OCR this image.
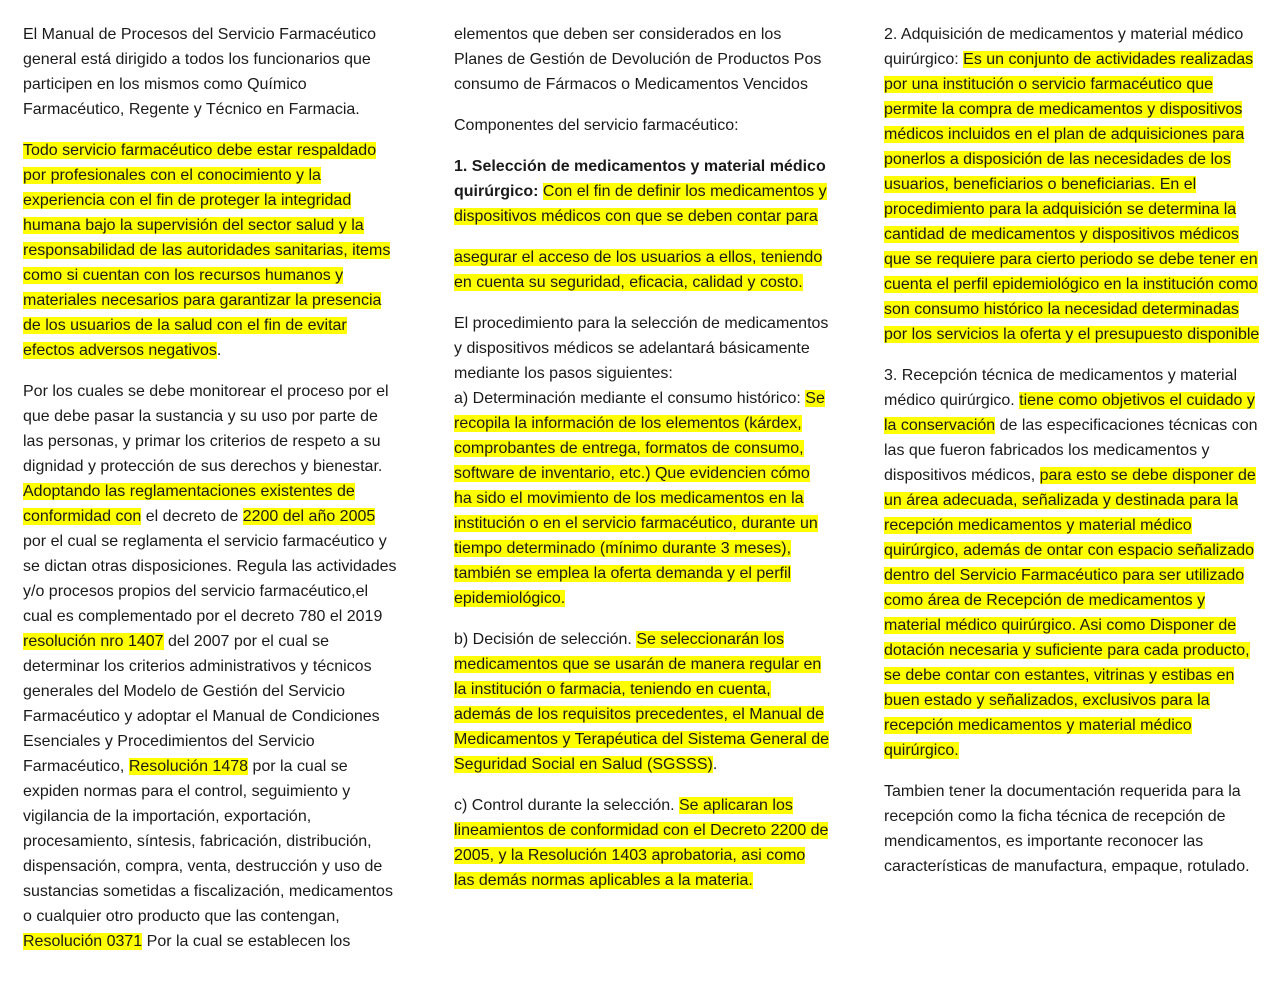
El Manual de Procesos del Servicio Farmacéutico general está dirigido a todos los funcionarios que participen en los mismos como Químico Farmacéutico, Regente y Técnico en Farmacia.

Todo servicio farmacéutico debe estar respaldado por profesionales con el conocimiento y la experiencia con el fin de proteger la integridad humana bajo la supervisión del sector salud y la responsabilidad de las autoridades sanitarias, items como si cuentan con los recursos humanos y materiales necesarios para garantizar la presencia de los usuarios de la salud con el fin de evitar efectos adversos negativos.

Por los cuales se debe monitorear el proceso por el que debe pasar la sustancia y su uso por parte de las personas, y primar los criterios de respeto a su dignidad y protección de sus derechos y bienestar. Adoptando las reglamentaciones existentes de conformidad con el decreto de 2200 del año 2005 por el cual se reglamenta el servicio farmacéutico y se dictan otras disposiciones. Regula las actividades y/o procesos propios del servicio farmacéutico,el cual es complementado por el decreto 780 el 2019 resolución nro 1407 del 2007 por el cual se determinar los criterios administrativos y técnicos generales del Modelo de Gestión del Servicio Farmacéutico y adoptar el Manual de Condiciones Esenciales y Procedimientos del Servicio Farmacéutico, Resolución 1478 por la cual se expiden normas para el control, seguimiento y vigilancia de la importación, exportación, procesamiento, síntesis, fabricación, distribución, dispensación, compra, venta, destrucción y uso de sustancias sometidas a fiscalización, medicamentos o cualquier otro producto que las contengan, Resolución 0371 Por la cual se establecen los

elementos que deben ser considerados en los Planes de Gestión de Devolución de Productos Pos consumo de Fármacos o Medicamentos Vencidos

Componentes del servicio farmacéutico:

1. Selección de medicamentos y material médico quirúrgico: Con el fin de definir los medicamentos y dispositivos médicos con que se deben contar para

asegurar el acceso de los usuarios a ellos, teniendo en cuenta su seguridad, eficacia, calidad y costo.

El procedimiento para la selección de medicamentos y dispositivos médicos se adelantará básicamente mediante los pasos siguientes:
a) Determinación mediante el consumo histórico: Se recopila la información de los elementos (kárdex, comprobantes de entrega, formatos de consumo, software de inventario, etc.) Que evidencien cómo ha sido el movimiento de los medicamentos en la institución o en el servicio farmacéutico, durante un tiempo determinado (mínimo durante 3 meses), también se emplea la oferta demanda y el perfil epidemiológico.

b) Decisión de selección. Se seleccionarán los medicamentos que se usarán de manera regular en la institución o farmacia, teniendo en cuenta, además de los requisitos precedentes, el Manual de Medicamentos y Terapéutica del Sistema General de Seguridad Social en Salud (SGSSS).

c) Control durante la selección. Se aplicaran los lineamientos de conformidad con el Decreto 2200 de 2005, y la Resolución 1403 aprobatoria, asi como las demás normas aplicables a la materia.

2. Adquisición de medicamentos y material médico quirúrgico: Es un conjunto de actividades realizadas por una institución o servicio farmacéutico que permite la compra de medicamentos y dispositivos médicos incluidos en el plan de adquisiciones para ponerlos a disposición de las necesidades de los usuarios, beneficiarios o beneficiarias. En el procedimiento para la adquisición se determina la cantidad de medicamentos y dispositivos médicos que se requiere para cierto periodo se debe tener en cuenta el perfil epidemiológico en la institución como son consumo histórico la necesidad determinadas por los servicios la oferta y el presupuesto disponible

3. Recepción técnica de medicamentos y material médico quirúrgico. tiene como objetivos el cuidado y la conservación de las especificaciones técnicas con las que fueron fabricados los medicamentos y dispositivos médicos, para esto se debe disponer de un área adecuada, señalizada y destinada para la recepción medicamentos y material médico quirúrgico, además de ontar con espacio señalizado dentro del Servicio Farmacéutico para ser utilizado como área de Recepción de medicamentos y material médico quirúrgico. Asi como Disponer de dotación necesaria y suficiente para cada producto, se debe contar con estantes, vitrinas y estibas en buen estado y señalizados, exclusivos para la recepción medicamentos y material médico quirúrgico.

Tambien tener la documentación requerida para la recepción como la ficha técnica de recepción de mendicamentos, es importante reconocer las características de manufactura, empaque, rotulado.
